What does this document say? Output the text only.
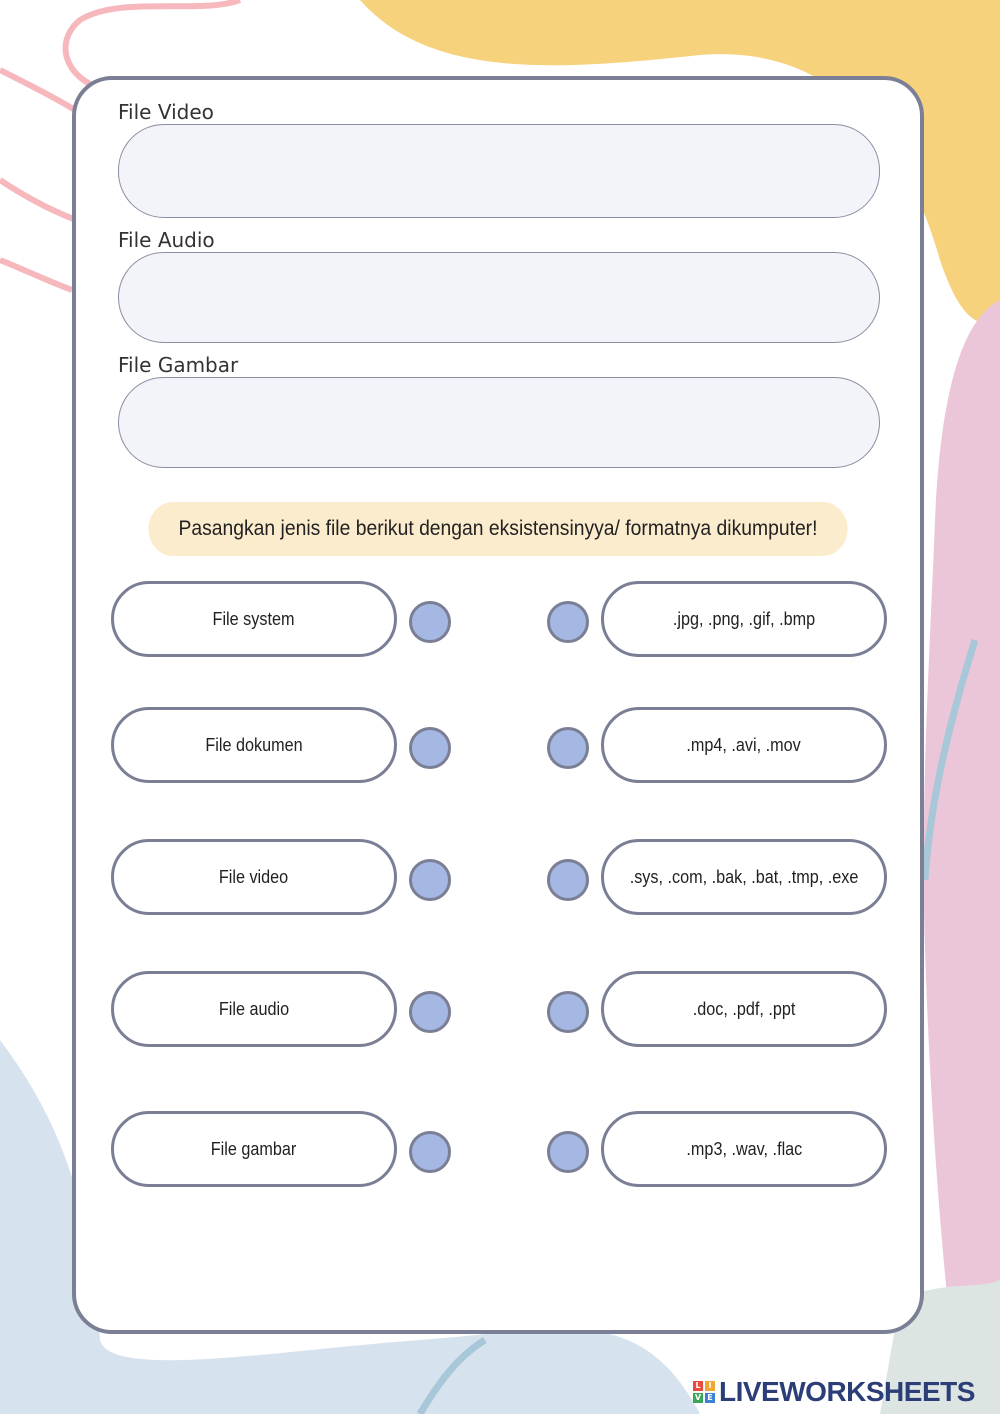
File Video
File Audio
File Gambar
Pasangkan jenis file berikut dengan eksistensinyya/ formatnya dikumputer!
File system
File dokumen
File video
File audio
File gambar
.jpg, .png, .gif, .bmp
.mp4, .avi, .mov
.sys, .com, .bak, .bat, .tmp, .exe
.doc, .pdf, .ppt
.mp3, .wav, .flac
L I
V E LIVEWORKSHEETS
